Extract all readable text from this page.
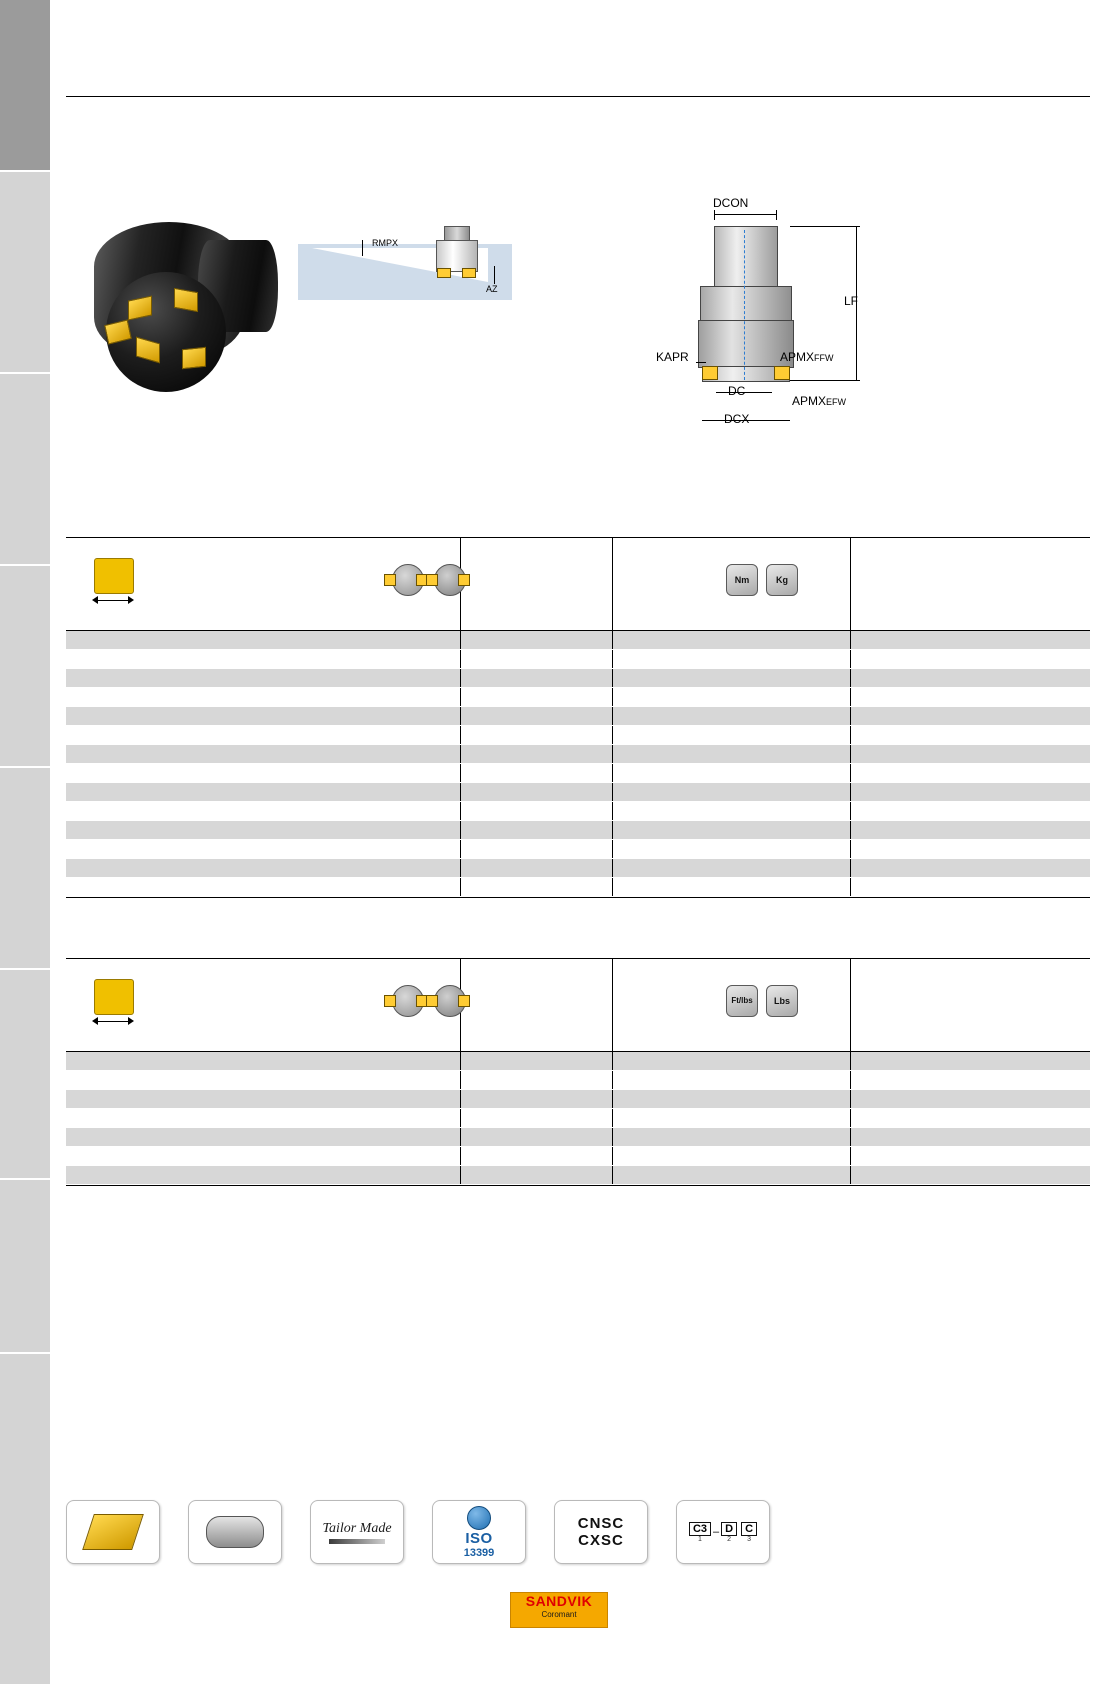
RMPX
AZ
DCON
LF
KAPR	APMXFFW
APMXEFW
DC
DCX
Nm	Kg
Ft/lbs	Lbs
Tailor Made
ISO
13399
CNSC
CXSC
C3
1
– D
2
C
3
SANDVIK
Coromant
